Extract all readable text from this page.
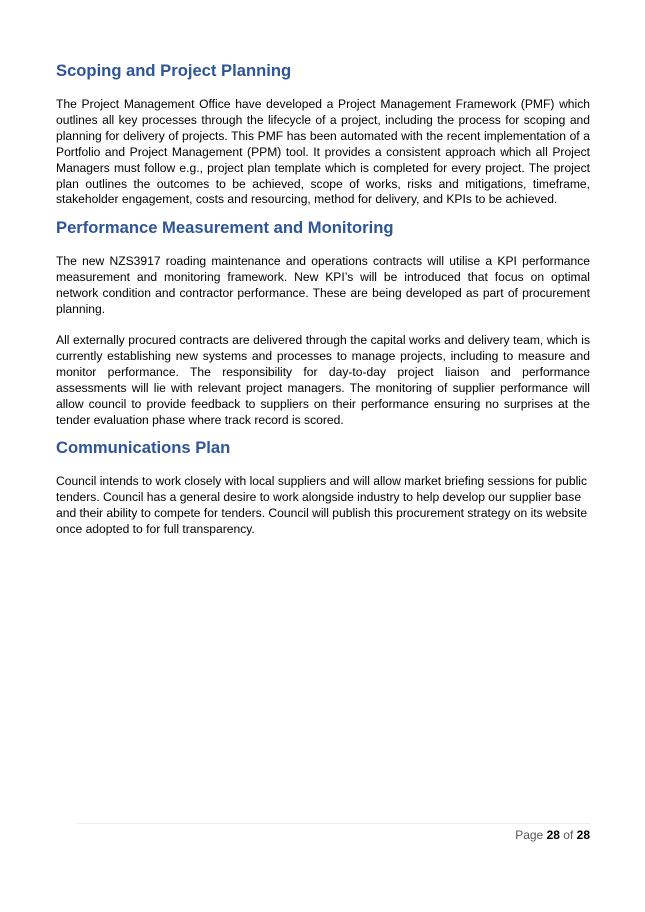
Scoping and Project Planning

The Project Management Office have developed a Project Management Framework (PMF) which outlines all key processes through the lifecycle of a project, including the process for scoping and planning for delivery of projects. This PMF has been automated with the recent implementation of a Portfolio and Project Management (PPM) tool. It provides a consistent approach which all Project Managers must follow e.g., project plan template which is completed for every project. The project plan outlines the outcomes to be achieved, scope of works, risks and mitigations, timeframe, stakeholder engagement, costs and resourcing, method for delivery, and KPIs to be achieved.

Performance Measurement and Monitoring

The new NZS3917 roading maintenance and operations contracts will utilise a KPI performance measurement and monitoring framework. New KPI’s will be introduced that focus on optimal network condition and contractor performance. These are being developed as part of procurement planning.

All externally procured contracts are delivered through the capital works and delivery team, which is currently establishing new systems and processes to manage projects, including to measure and monitor performance. The responsibility for day-to-day project liaison and performance assessments will lie with relevant project managers. The monitoring of supplier performance will allow council to provide feedback to suppliers on their performance ensuring no surprises at the tender evaluation phase where track record is scored.

Communications Plan

Council intends to work closely with local suppliers and will allow market briefing sessions for public tenders. Council has a general desire to work alongside industry to help develop our supplier base and their ability to compete for tenders. Council will publish this procurement strategy on its website once adopted to for full transparency.

Page 28 of 28
